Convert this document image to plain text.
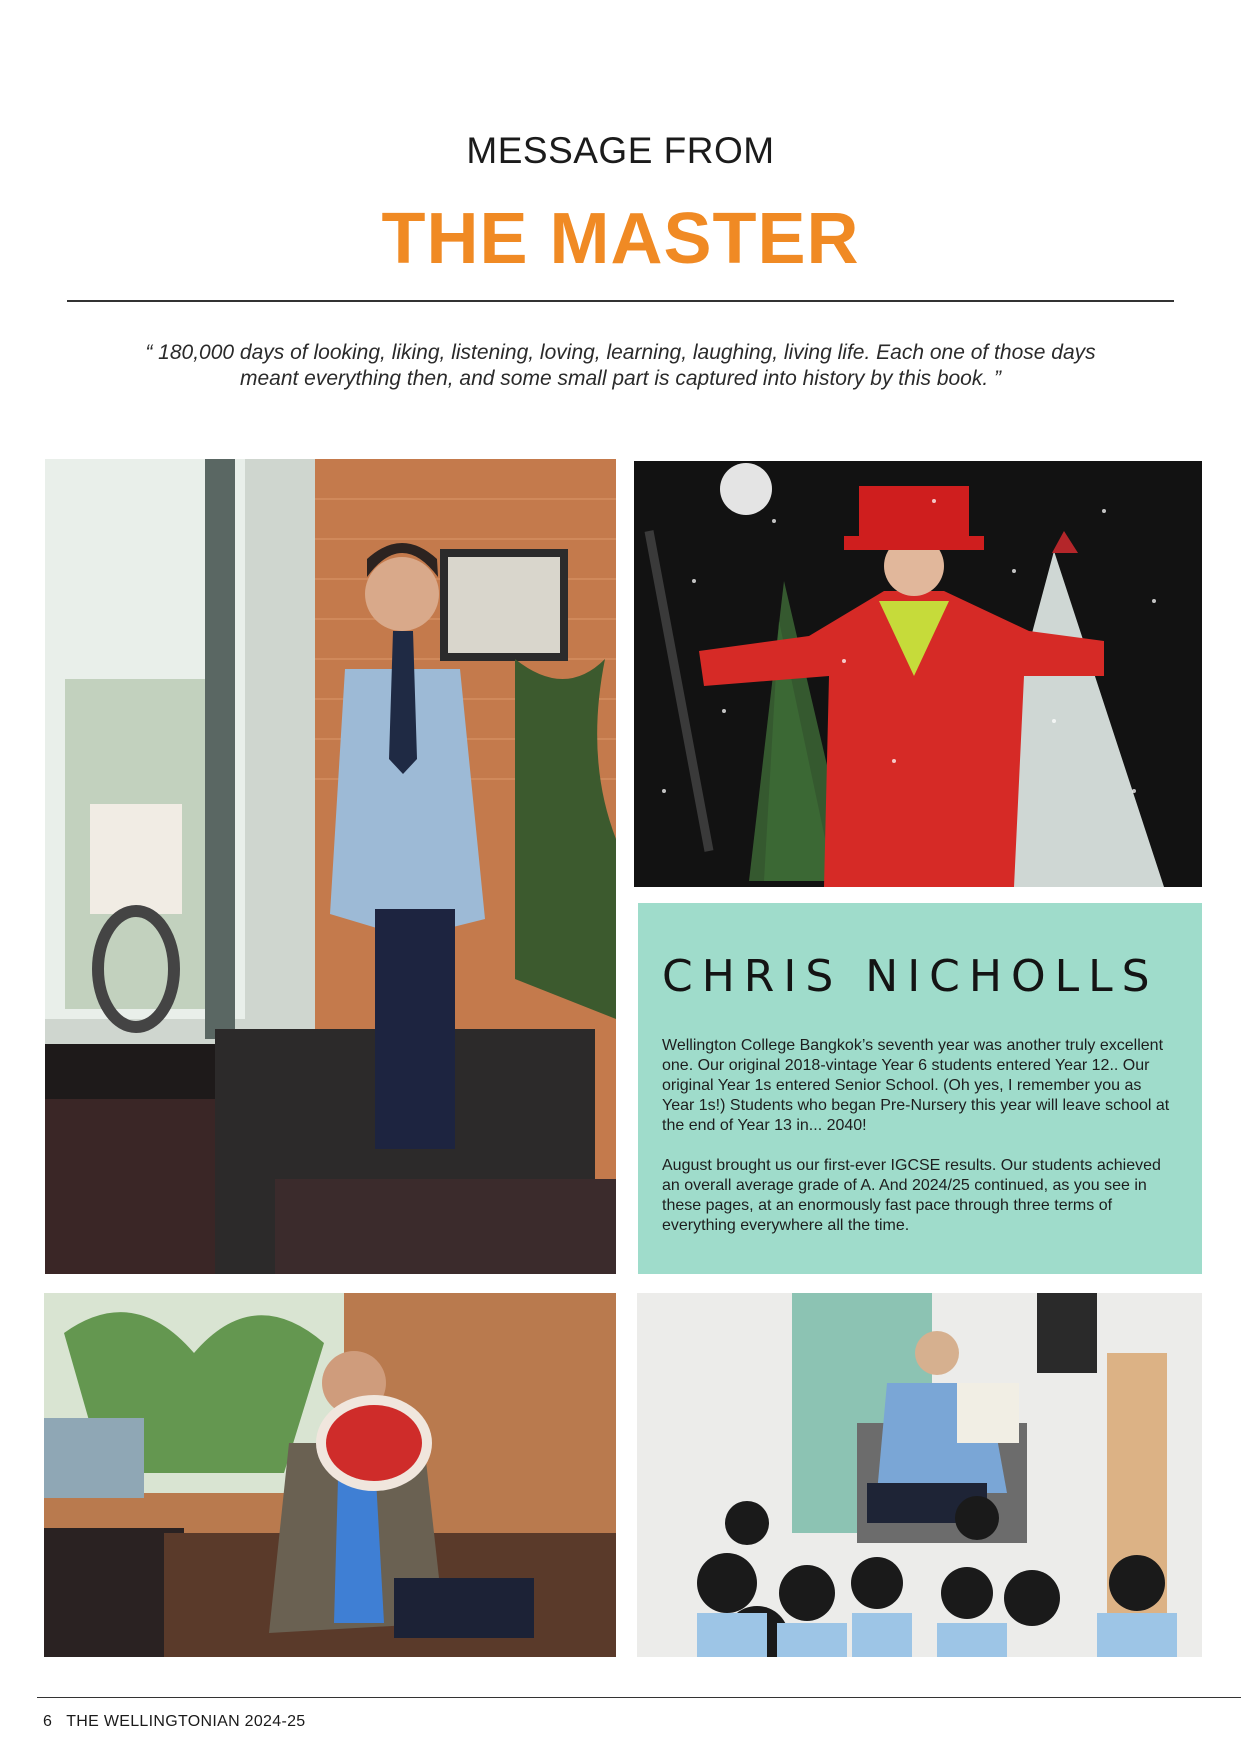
MESSAGE FROM
THE MASTER
“ 180,000 days of looking, liking, listening, loving, learning, laughing, living life. Each one of those days meant everything then, and some small part is captured into history by this book. ”
CHRIS NICHOLLS

Wellington College Bangkok’s seventh year was another truly excellent one. Our original 2018-vintage Year 6 students entered Year 12.. Our original Year 1s entered Senior School. (Oh yes, I remember you as Year 1s!) Students who began Pre-Nursery this year will leave school at the end of Year 13 in... 2040!

August brought us our first-ever IGCSE results. Our students achieved an overall average grade of A. And 2024/25 continued, as you see in these pages, at an enormously fast pace through three terms of everything everywhere all the time.

6 THE WELLINGTONIAN 2024-25
